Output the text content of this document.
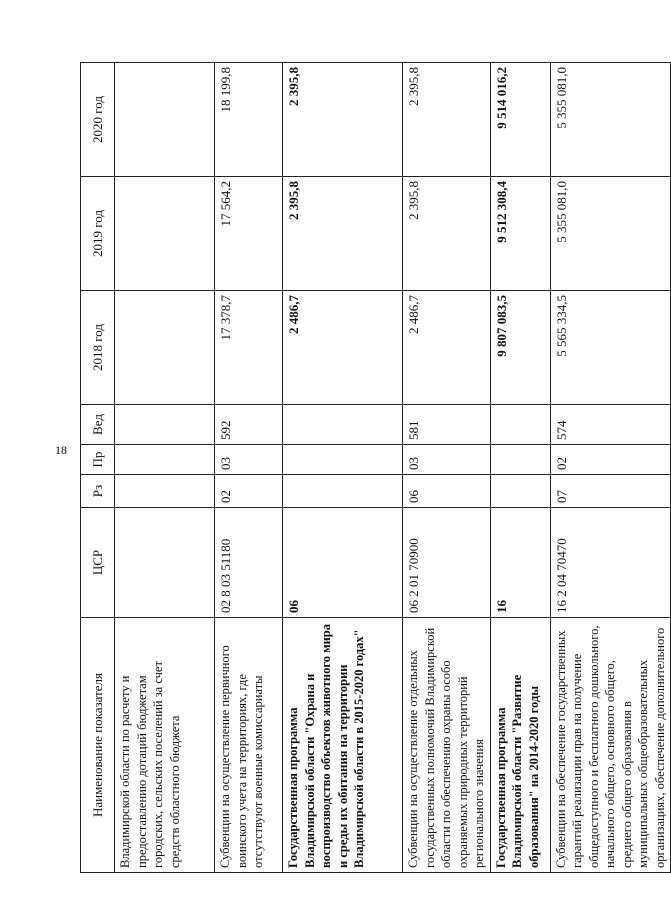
18
Наименование показателя	ЦСР	Рз	Пр	Вед	2018 год	2019 год	2020 год
Владимирской области по расчету и предоставлению дотаций бюджетам городских, сельских поселений за счет средств областного бюджета							
Субвенции на осуществление первичного воинского учета на территориях, где отсутствуют военные комиссариаты	02 8 03 51180	02	03	592	17 378,7	17 564,2	18 199,8
Государственная программа Владимирской области "Охрана и воспроизводство объектов животного мира и среды их обитания на территории Владимирской области в 2015-2020 годах"	06				2 486,7	2 395,8	2 395,8
Субвенции на осуществление отдельных государственных полномочий Владимирской области по обеспечению охраны особо охраняемых природных территорий регионального значения	06 2 01 70900	06	03	581	2 486,7	2 395,8	2 395,8
Государственная программа Владимирской области "Развитие образования" на 2014-2020 годы	16				9 807 083,5	9 512 308,4	9 514 016,2
Субвенции на обеспечение государственных гарантий реализации прав на получение общедоступного и бесплатного дошкольного, начального общего, основного общего, среднего общего образования в муниципальных общеобразовательных организациях, обеспечение дополнительного	16 2 04 70470	07	02	574	5 565 334,5	5 355 081,0	5 355 081,0
